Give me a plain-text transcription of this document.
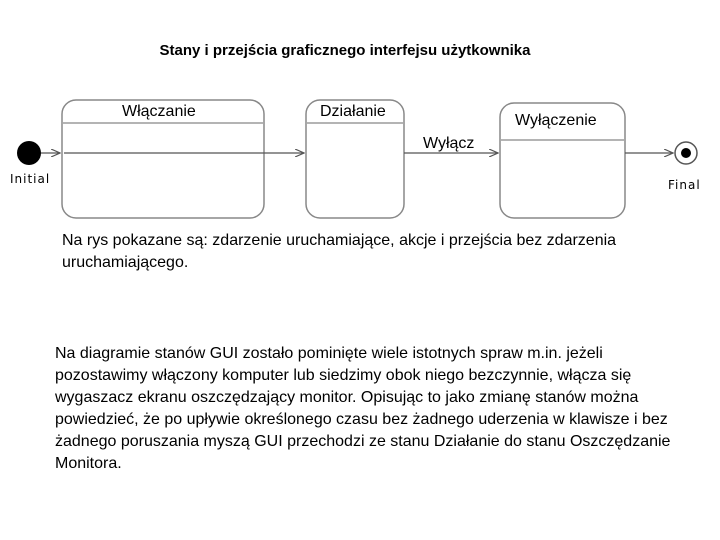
Stany i przejścia graficznego interfejsu użytkownika
Włączanie	Działanie
Wyłączenie
Wyłącz
Initial	Final

Na rys pokazane są: zdarzenie uruchamiające, akcje i przejścia bez zdarzenia uruchamiającego.

Na diagramie stanów GUI zostało pominięte wiele istotnych spraw m.in. jeżeli pozostawimy włączony komputer lub siedzimy obok niego bezczynnie, włącza się wygaszacz ekranu oszczędzający monitor. Opisując to jako zmianę stanów można powiedzieć, że po upływie określonego czasu bez żadnego uderzenia w klawisze i bez żadnego poruszania myszą GUI przechodzi ze stanu Działanie do stanu Oszczędzanie Monitora.
